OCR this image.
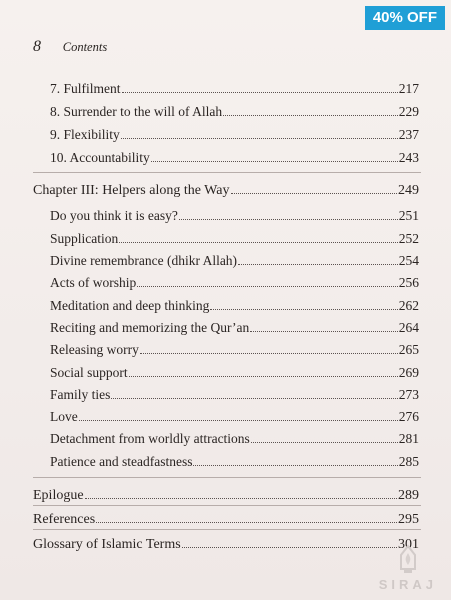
40% OFF
8 Contents
7. Fulfilment	217
8. Surrender to the will of Allah	229
9. Flexibility	237
10. Accountability	243
Chapter III: Helpers along the Way	249
Do you think it is easy?	251
Supplication	252
Divine remembrance (dhikr Allah)	254
Acts of worship	256
Meditation and deep thinking	262
Reciting and memorizing the Qur’an	264
Releasing worry	265
Social support	269
Family ties	273
Love	276
Detachment from worldly attractions	281
Patience and steadfastness	285
Epilogue	289
References	295
Glossary of Islamic Terms	301
SIRAJ
